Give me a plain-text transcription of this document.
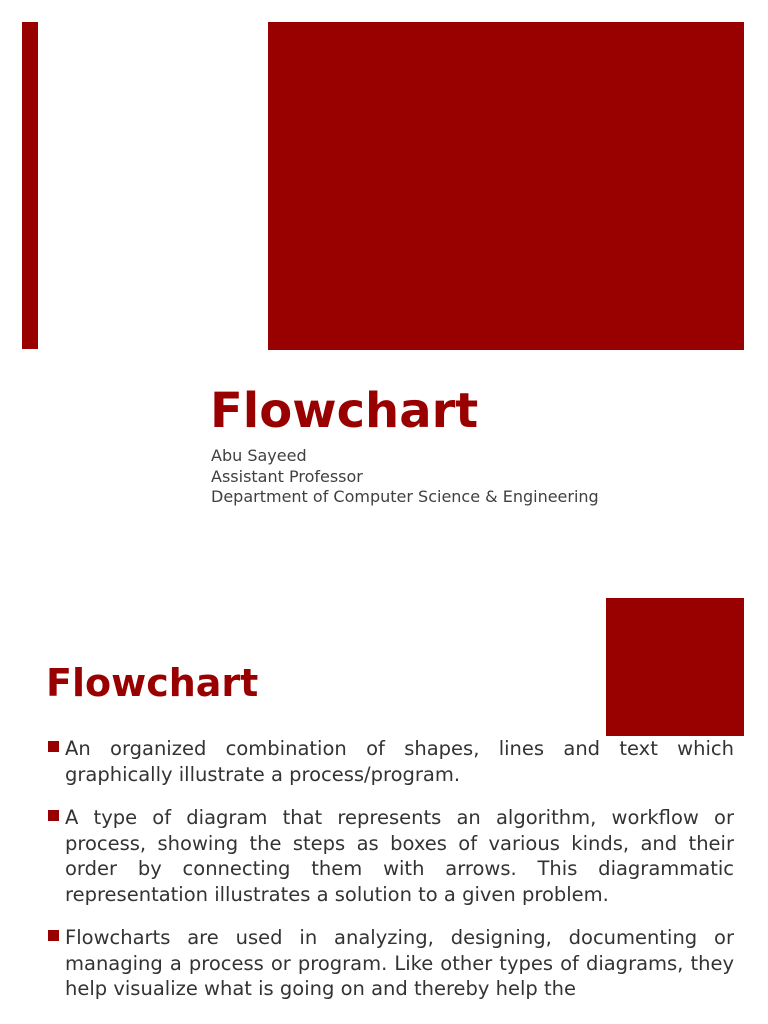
Flowchart
Abu Sayeed
Assistant Professor
Department of Computer Science & Engineering
Flowchart
An organized combination of shapes, lines and text which graphically illustrate a process/program.
A type of diagram that represents an algorithm, workflow or process, showing the steps as boxes of various kinds, and their order by connecting them with arrows. This diagrammatic representation illustrates a solution to a given problem.
Flowcharts are used in analyzing, designing, documenting or managing a process or program. Like other types of diagrams, they help visualize what is going on and thereby help the
